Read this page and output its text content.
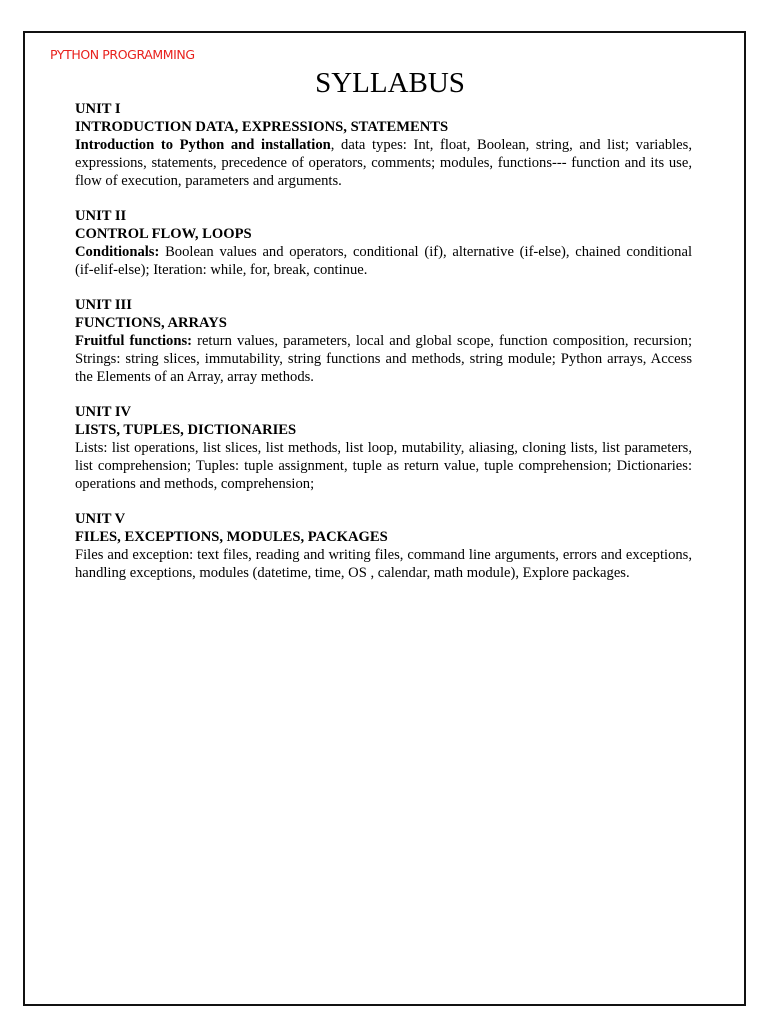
PYTHON PROGRAMMING
SYLLABUS
UNIT I
INTRODUCTION DATA, EXPRESSIONS, STATEMENTS
Introduction to Python and installation, data types: Int, float, Boolean, string, and list; variables, expressions, statements, precedence of operators, comments; modules, functions--- function and its use, flow of execution, parameters and arguments.
UNIT II
CONTROL FLOW, LOOPS
Conditionals: Boolean values and operators, conditional (if), alternative (if-else), chained conditional (if-elif-else); Iteration: while, for, break, continue.
UNIT III
FUNCTIONS, ARRAYS
Fruitful functions: return values, parameters, local and global scope, function composition, recursion; Strings: string slices, immutability, string functions and methods, string module; Python arrays, Access the Elements of an Array, array methods.
UNIT IV
LISTS, TUPLES, DICTIONARIES
Lists: list operations, list slices, list methods, list loop, mutability, aliasing, cloning lists, list parameters, list comprehension; Tuples: tuple assignment, tuple as return value, tuple comprehension; Dictionaries: operations and methods, comprehension;
UNIT V
FILES, EXCEPTIONS, MODULES, PACKAGES
Files and exception: text files, reading and writing files, command line arguments, errors and exceptions, handling exceptions, modules (datetime, time, OS , calendar, math module), Explore packages.
